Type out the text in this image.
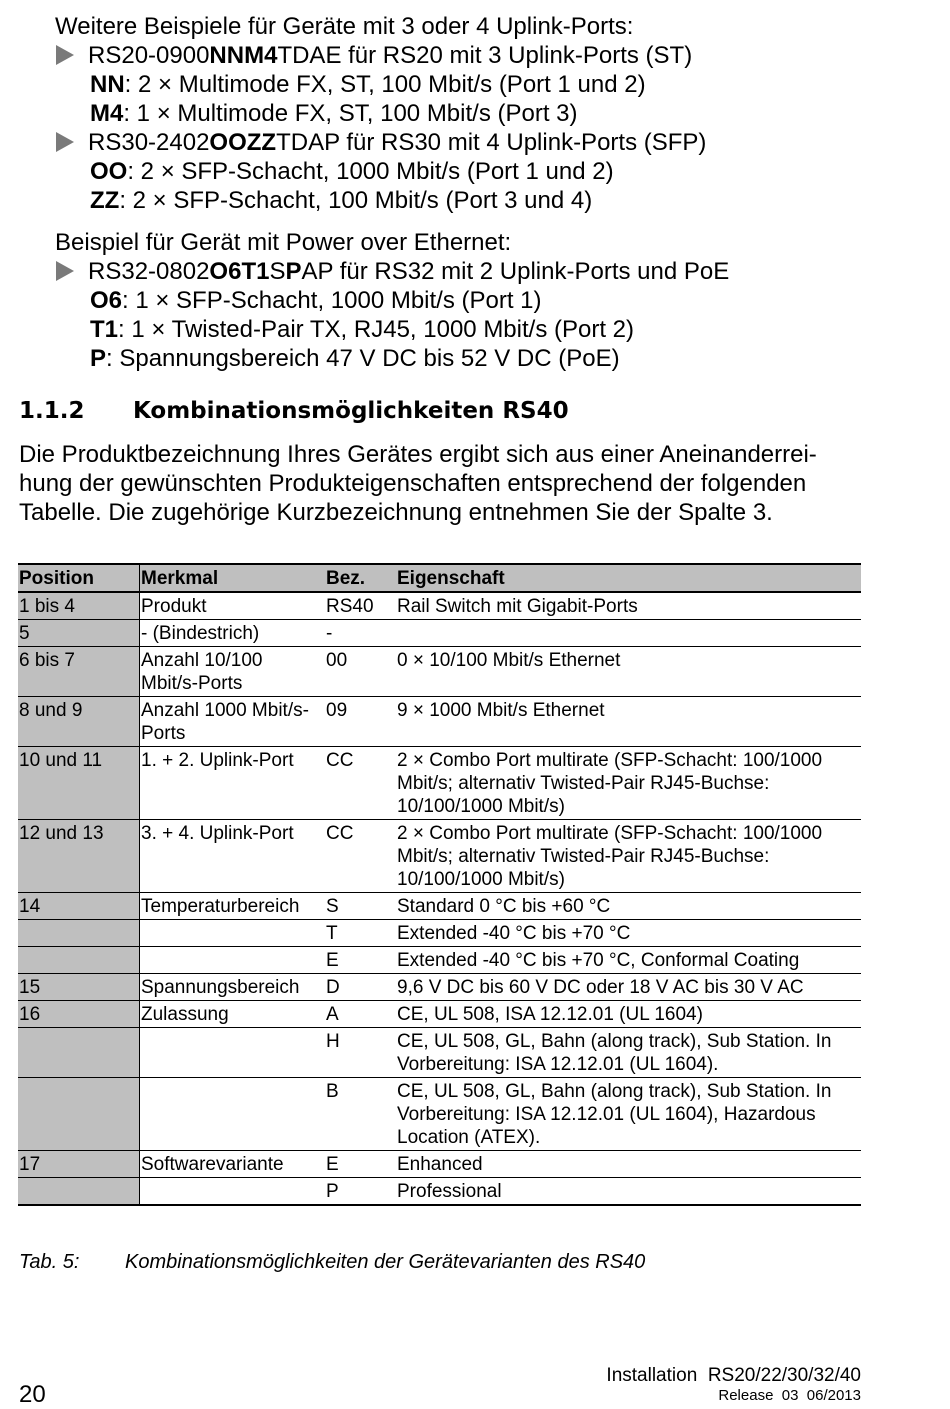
Weitere Beispiele für Geräte mit 3 oder 4 Uplink-Ports:
RS20-0900NNM4TDAE für RS20 mit 3 Uplink-Ports (ST)
NN: 2 × Multimode FX, ST, 100 Mbit/s (Port 1 und 2)
M4: 1 × Multimode FX, ST, 100 Mbit/s (Port 3)
RS30-2402OOZZTDAP für RS30 mit 4 Uplink-Ports (SFP)
OO: 2 × SFP-Schacht, 1000 Mbit/s (Port 1 und 2)
ZZ: 2 × SFP-Schacht, 100 Mbit/s (Port 3 und 4)
Beispiel für Gerät mit Power over Ethernet:
RS32-0802O6T1SPAP für RS32 mit 2 Uplink-Ports und PoE
O6: 1 × SFP-Schacht, 1000 Mbit/s (Port 1)
T1: 1 × Twisted-Pair TX, RJ45, 1000 Mbit/s (Port 2)
P: Spannungsbereich 47 V DC bis 52 V DC (PoE)
1.1.2 Kombinationsmöglichkeiten RS40
Die Produktbezeichnung Ihres Gerätes ergibt sich aus einer Aneinanderrei-
hung der gewünschten Produkteigenschaften entsprechend der folgenden
Tabelle. Die zugehörige Kurzbezeichnung entnehmen Sie der Spalte 3.
Position	Merkmal	Bez.	Eigenschaft
1 bis 4	Produkt	RS40	Rail Switch mit Gigabit-Ports
5	- (Bindestrich)	-	
6 bis 7	Anzahl 10/100 Mbit/s-Ports	00	0 × 10/100 Mbit/s Ethernet
8 und 9	Anzahl 1000 Mbit/s-Ports	09	9 × 1000 Mbit/s Ethernet
10 und 11	1. + 2. Uplink-Port	CC	2 × Combo Port multirate (SFP-Schacht: 100/1000 Mbit/s; alternativ Twisted-Pair RJ45-Buchse: 10/100/1000 Mbit/s)
12 und 13	3. + 4. Uplink-Port	CC	2 × Combo Port multirate (SFP-Schacht: 100/1000 Mbit/s; alternativ Twisted-Pair RJ45-Buchse: 10/100/1000 Mbit/s)
14	Temperaturbereich	S	Standard 0 °C bis +60 °C
		T	Extended -40 °C bis +70 °C
		E	Extended -40 °C bis +70 °C, Conformal Coating
15	Spannungsbereich	D	9,6 V DC bis 60 V DC oder 18 V AC bis 30 V AC
16	Zulassung	A	CE, UL 508, ISA 12.12.01 (UL 1604)
		H	CE, UL 508, GL, Bahn (along track), Sub Station. In Vorbereitung: ISA 12.12.01 (UL 1604).
		B	CE, UL 508, GL, Bahn (along track), Sub Station. In Vorbereitung: ISA 12.12.01 (UL 1604), Hazardous Location (ATEX).
17	Softwarevariante	E	Enhanced
		P	Professional
Tab. 5: Kombinationsmöglichkeiten der Gerätevarianten des RS40
20
Installation  RS20/22/30/32/40
Release  03  06/2013
